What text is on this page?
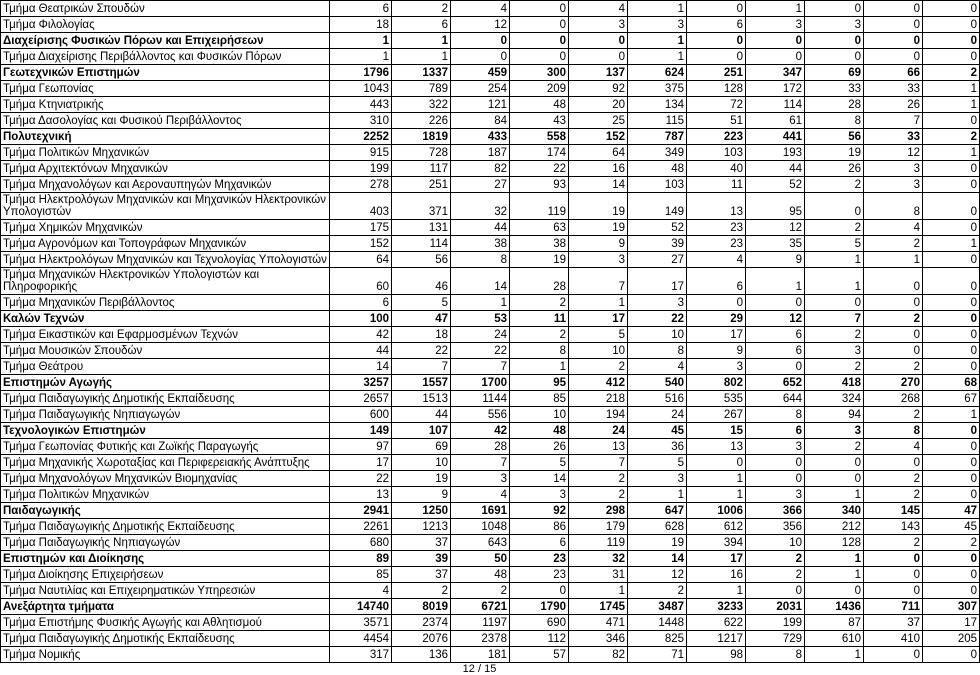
Τμήμα Θεατρικών Σπουδών	6	2	4	0	4	1	0	1	0	0	0
Τμήμα Φιλολογίας	18	6	12	0	3	3	6	3	3	0	0
Διαχείρισης Φυσικών Πόρων και Επιχειρήσεων	1	1	0	0	0	1	0	0	0	0	0
Τμήμα Διαχείρισης Περιβάλλοντος και Φυσικών Πόρων	1	1	0	0	0	1	0	0	0	0	0
Γεωτεχνικών Επιστημών	1796	1337	459	300	137	624	251	347	69	66	2
Τμήμα Γεωπονίας	1043	789	254	209	92	375	128	172	33	33	1
Τμήμα Κτηνιατρικής	443	322	121	48	20	134	72	114	28	26	1
Τμήμα Δασολογίας και Φυσικού Περιβάλλοντος	310	226	84	43	25	115	51	61	8	7	0
Πολυτεχνική	2252	1819	433	558	152	787	223	441	56	33	2
Τμήμα Πολιτικών Μηχανικών	915	728	187	174	64	349	103	193	19	12	1
Τμήμα Αρχιτεκτόνων Μηχανικών	199	117	82	22	16	48	40	44	26	3	0
Τμήμα Μηχανολόγων και Αεροναυπηγών Μηχανικών	278	251	27	93	14	103	11	52	2	3	0
Τμήμα Ηλεκτρολόγων Μηχανικών και Μηχανικών Ηλεκτρονικών Υπολογιστών	403	371	32	119	19	149	13	95	0	8	0
Τμήμα Χημικών Μηχανικών	175	131	44	63	19	52	23	12	2	4	0
Τμήμα Αγρονόμων και Τοπογράφων Μηχανικών	152	114	38	38	9	39	23	35	5	2	1
Τμήμα Ηλεκτρολόγων Μηχανικών και Τεχνολογίας Υπολογιστών	64	56	8	19	3	27	4	9	1	1	0
Τμήμα Μηχανικών Ηλεκτρονικών Υπολογιστών και Πληροφορικής	60	46	14	28	7	17	6	1	1	0	0
Τμήμα Μηχανικών Περιβάλλοντος	6	5	1	2	1	3	0	0	0	0	0
Καλών Τεχνών	100	47	53	11	17	22	29	12	7	2	0
Τμήμα Εικαστικών και Εφαρμοσμένων Τεχνών	42	18	24	2	5	10	17	6	2	0	0
Τμήμα Μουσικών Σπουδών	44	22	22	8	10	8	9	6	3	0	0
Τμήμα Θεάτρου	14	7	7	1	2	4	3	0	2	2	0
Επιστημών Αγωγής	3257	1557	1700	95	412	540	802	652	418	270	68
Τμήμα Παιδαγωγικής Δημοτικής Εκπαίδευσης	2657	1513	1144	85	218	516	535	644	324	268	67
Τμήμα Παιδαγωγικής Νηπιαγωγών	600	44	556	10	194	24	267	8	94	2	1
Τεχνολογικών Επιστημών	149	107	42	48	24	45	15	6	3	8	0
Τμήμα Γεωπονίας Φυτικής και Ζωϊκής Παραγωγής	97	69	28	26	13	36	13	3	2	4	0
Τμήμα Μηχανικής Χωροταξίας και Περιφερειακής Ανάπτυξης	17	10	7	5	7	5	0	0	0	0	0
Τμήμα Μηχανολόγων Μηχανικών Βιομηχανίας	22	19	3	14	2	3	1	0	0	2	0
Τμήμα Πολιτικών Μηχανικών	13	9	4	3	2	1	1	3	1	2	0
Παιδαγωγικής	2941	1250	1691	92	298	647	1006	366	340	145	47
Τμήμα Παιδαγωγικής Δημοτικής Εκπαίδευσης	2261	1213	1048	86	179	628	612	356	212	143	45
Τμήμα Παιδαγωγικής Νηπιαγωγών	680	37	643	6	119	19	394	10	128	2	2
Επιστημών και Διοίκησης	89	39	50	23	32	14	17	2	1	0	0
Τμήμα Διοίκησης Επιχειρήσεων	85	37	48	23	31	12	16	2	1	0	0
Τμήμα Ναυτιλίας και Επιχειρηματικών Υπηρεσιών	4	2	2	0	1	2	1	0	0	0	0
Ανεξάρτητα τμήματα	14740	8019	6721	1790	1745	3487	3233	2031	1436	711	307
Τμήμα Επιστήμης Φυσικής Αγωγής και Αθλητισμού	3571	2374	1197	690	471	1448	622	199	87	37	17
Τμήμα Παιδαγωγικής Δημοτικής Εκπαίδευσης	4454	2076	2378	112	346	825	1217	729	610	410	205
Τμήμα Νομικής	317	136	181	57	82	71	98	8	1	0	0
12 / 15
